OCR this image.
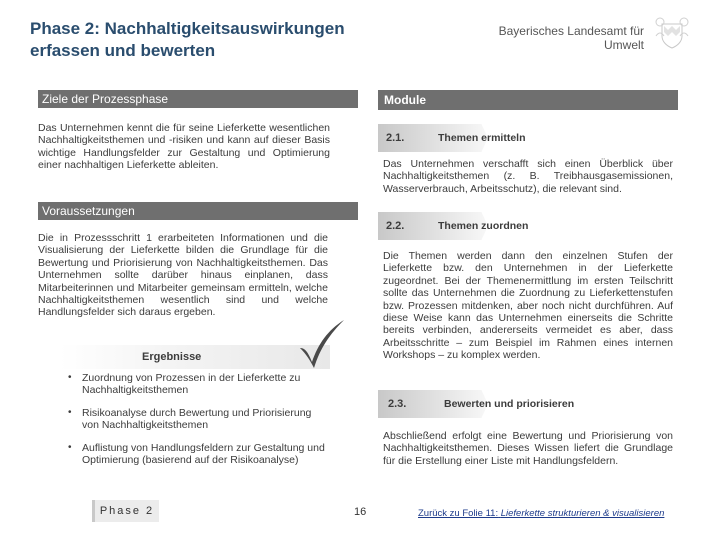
Phase 2: Nachhaltigkeitsauswirkungen erfassen und bewerten
Bayerisches Landesamt für Umwelt
Ziele der Prozessphase
Das Unternehmen kennt die für seine Lieferkette wesentlichen Nachhaltigkeitsthemen und -risiken und kann auf dieser Basis wichtige Handlungsfelder zur Gestaltung und Optimierung einer nachhaltigen Lieferkette ableiten.
Voraussetzungen
Die in Prozessschritt 1 erarbeiteten Informationen und die Visualisierung der Lieferkette bilden die Grundlage für die Bewertung und Priorisierung von Nachhaltigkeitsthemen. Das Unternehmen sollte darüber hinaus einplanen, dass Mitarbeiterinnen und Mitarbeiter gemeinsam ermitteln, welche Nachhaltigkeitsthemen wesentlich sind und welche Handlungsfelder sich daraus ergeben.
Ergebnisse
• Zuordnung von Prozessen in der Lieferkette zu Nachhaltigkeitsthemen
• Risikoanalyse durch Bewertung und Priorisierung von Nachhaltigkeitsthemen
• Auflistung von Handlungsfeldern zur Gestaltung und Optimierung (basierend auf der Risikoanalyse)
Module
2.1.	Themen ermitteln
Das Unternehmen verschafft sich einen Überblick über Nachhaltigkeitsthemen (z. B. Treibhausgasemissionen, Wasserverbrauch, Arbeitsschutz), die relevant sind.
2.2.	Themen zuordnen
Die Themen werden dann den einzelnen Stufen der Lieferkette bzw. den Unternehmen in der Lieferkette zugeordnet. Bei der Themenermittlung im ersten Teilschritt sollte das Unternehmen die Zuordnung zu Lieferkettenstufen bzw. Prozessen mitdenken, aber noch nicht durchführen. Auf diese Weise kann das Unternehmen einerseits die Schritte bereits verbinden, andererseits vermeidet es aber, dass Arbeitsschritte – zum Beispiel im Rahmen eines internen Workshops – zu komplex werden.
2.3.	Bewerten und priorisieren
Abschließend erfolgt eine Bewertung und Priorisierung von Nachhaltigkeitsthemen. Dieses Wissen liefert die Grundlage für die Erstellung einer Liste mit Handlungsfeldern.
Phase 2	16	Zurück zu Folie 11: Lieferkette strukturieren & visualisieren
